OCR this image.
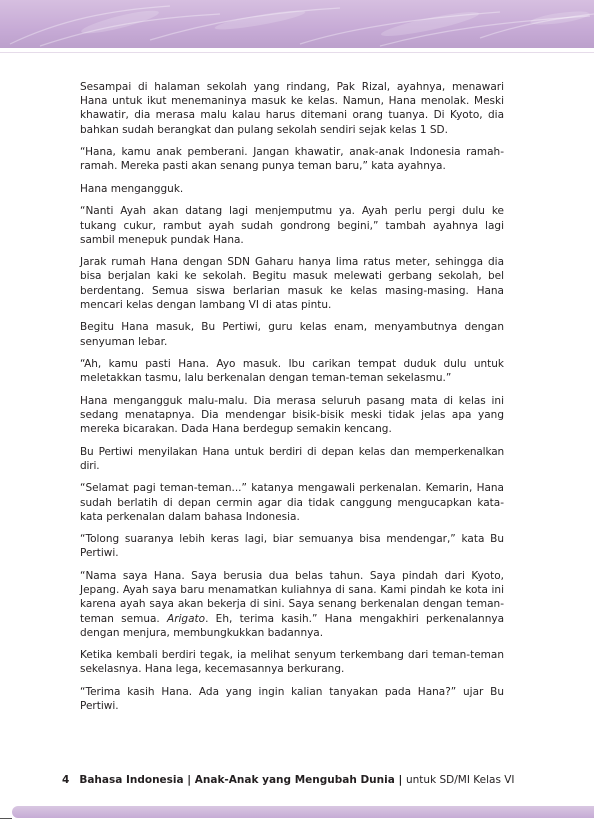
Sesampai di halaman sekolah yang rindang, Pak Rizal, ayahnya, menawari Hana untuk ikut menemaninya masuk ke kelas. Namun, Hana menolak. Meski khawatir, dia merasa malu kalau harus ditemani orang tuanya. Di Kyoto, dia bahkan sudah berangkat dan pulang sekolah sendiri sejak kelas 1 SD.

“Hana, kamu anak pemberani. Jangan khawatir, anak-anak Indonesia ramah-ramah. Mereka pasti akan senang punya teman baru,” kata ayahnya.

Hana mengangguk.

“Nanti Ayah akan datang lagi menjemputmu ya. Ayah perlu pergi dulu ke tukang cukur, rambut ayah sudah gondrong begini,” tambah ayahnya lagi sambil menepuk pundak Hana.

Jarak rumah Hana dengan SDN Gaharu hanya lima ratus meter, sehingga dia bisa berjalan kaki ke sekolah. Begitu masuk melewati gerbang sekolah, bel berdentang. Semua siswa berlarian masuk ke kelas masing-masing. Hana mencari kelas dengan lambang VI di atas pintu.

Begitu Hana masuk, Bu Pertiwi, guru kelas enam, menyambutnya dengan senyuman lebar.

“Ah, kamu pasti Hana. Ayo masuk. Ibu carikan tempat duduk dulu untuk meletakkan tasmu, lalu berkenalan dengan teman-teman sekelasmu.”

Hana mengangguk malu-malu. Dia merasa seluruh pasang mata di kelas ini sedang menatapnya. Dia mendengar bisik-bisik meski tidak jelas apa yang mereka bicarakan. Dada Hana berdegup semakin kencang.

Bu Pertiwi menyilakan Hana untuk berdiri di depan kelas dan memperkenalkan diri.

“Selamat pagi teman-teman...” katanya mengawali perkenalan. Kemarin, Hana sudah berlatih di depan cermin agar dia tidak canggung mengucapkan kata-kata perkenalan dalam bahasa Indonesia.

“Tolong suaranya lebih keras lagi, biar semuanya bisa mendengar,” kata Bu Pertiwi.

“Nama saya Hana. Saya berusia dua belas tahun. Saya pindah dari Kyoto, Jepang. Ayah saya baru menamatkan kuliahnya di sana. Kami pindah ke kota ini karena ayah saya akan bekerja di sini. Saya senang berkenalan dengan teman-teman semua. Arigato. Eh, terima kasih.” Hana mengakhiri perkenalannya dengan menjura, membungkukkan badannya.

Ketika kembali berdiri tegak, ia melihat senyum terkembang dari teman-teman sekelasnya. Hana lega, kecemasannya berkurang.

“Terima kasih Hana. Ada yang ingin kalian tanyakan pada Hana?” ujar Bu Pertiwi.

4 Bahasa Indonesia | Anak-Anak yang Mengubah Dunia | untuk SD/MI Kelas VI
